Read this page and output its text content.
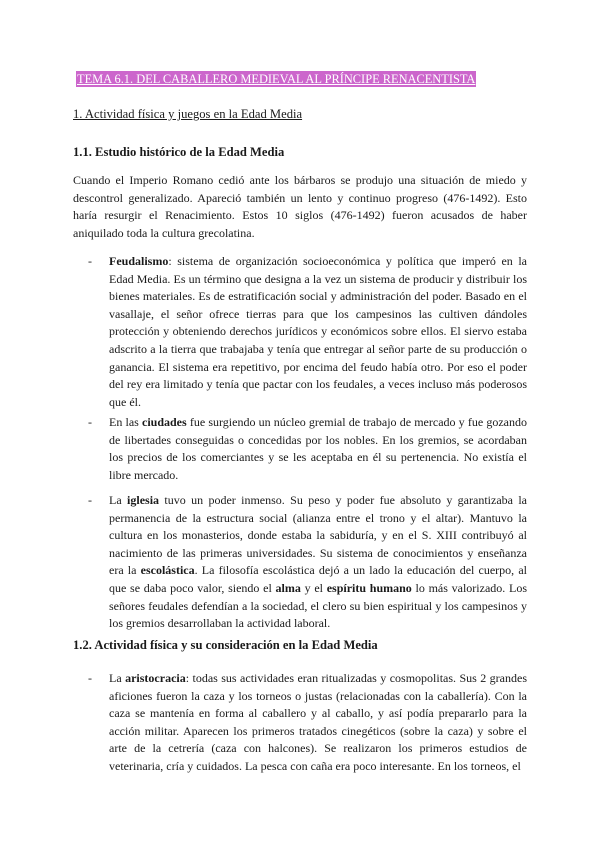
TEMA 6.1. DEL CABALLERO MEDIEVAL AL PRÍNCIPE RENACENTISTA
1. Actividad física y juegos en la Edad Media
1.1. Estudio histórico de la Edad Media

Cuando el Imperio Romano cedió ante los bárbaros se produjo una situación de miedo y descontrol generalizado. Apareció también un lento y continuo progreso (476-1492). Esto haría resurgir el Renacimiento. Estos 10 siglos (476-1492) fueron acusados de haber aniquilado toda la cultura grecolatina.

- Feudalismo: sistema de organización socioeconómica y política que imperó en la Edad Media. Es un término que designa a la vez un sistema de producir y distribuir los bienes materiales. Es de estratificación social y administración del poder. Basado en el vasallaje, el señor ofrece tierras para que los campesinos las cultiven dándoles protección y obteniendo derechos jurídicos y económicos sobre ellos. El siervo estaba adscrito a la tierra que trabajaba y tenía que entregar al señor parte de su producción o ganancia. El sistema era repetitivo, por encima del feudo había otro. Por eso el poder del rey era limitado y tenía que pactar con los feudales, a veces incluso más poderosos que él.

- En las ciudades fue surgiendo un núcleo gremial de trabajo de mercado y fue gozando de libertades conseguidas o concedidas por los nobles. En los gremios, se acordaban los precios de los comerciantes y se les aceptaba en él su pertenencia. No existía el libre mercado.

- La iglesia tuvo un poder inmenso. Su peso y poder fue absoluto y garantizaba la permanencia de la estructura social (alianza entre el trono y el altar). Mantuvo la cultura en los monasterios, donde estaba la sabiduría, y en el S. XIII contribuyó al nacimiento de las primeras universidades. Su sistema de conocimientos y enseñanza era la escolástica. La filosofía escolástica dejó a un lado la educación del cuerpo, al que se daba poco valor, siendo el alma y el espíritu humano lo más valorizado. Los señores feudales defendían a la sociedad, el clero su bien espiritual y los campesinos y los gremios desarrollaban la actividad laboral.

1.2. Actividad física y su consideración en la Edad Media
- La aristocracia: todas sus actividades eran ritualizadas y cosmopolitas. Sus 2 grandes aficiones fueron la caza y los torneos o justas (relacionadas con la caballería). Con la caza se mantenía en forma al caballero y al caballo, y así podía prepararlo para la acción militar. Aparecen los primeros tratados cinegéticos (sobre la caza) y sobre el arte de la cetrería (caza con halcones). Se realizaron los primeros estudios de veterinaria, cría y cuidados. La pesca con caña era poco interesante. En los torneos, el
